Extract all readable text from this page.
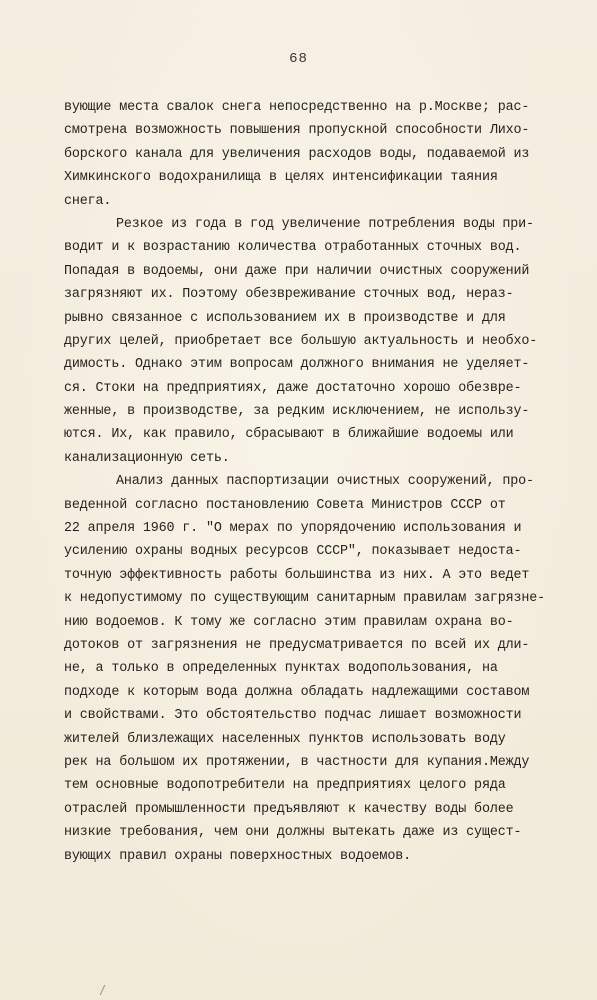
68
вующие места свалок снега непосредственно на р.Москве; рас-
смотрена возможность повышения пропускной способности Лихо-
борского канала для увеличения расходов воды, подаваемой из
Химкинского водохранилища в целях интенсификации таяния
снега.
Резкое из года в год увеличение потребления воды при-
водит и к возрастанию количества отработанных сточных вод.
Попадая в водоемы, они даже при наличии очистных сооружений
загрязняют их. Поэтому обезвреживание сточных вод, нераз-
рывно связанное с использованием их в производстве и для
других целей, приобретает все большую актуальность и необхо-
димость. Однако этим вопросам должного внимания не уделяет-
ся. Стоки на предприятиях, даже достаточно хорошо обезвре-
женные, в производстве, за редким исключением, не использу-
ются. Их, как правило, сбрасывают в ближайшие водоемы или
канализационную сеть.
Анализ данных паспортизации очистных сооружений, про-
веденной согласно постановлению Совета Министров СССР от
22 апреля 1960 г. "О мерах по упорядочению использования и
усилению охраны водных ресурсов СССР", показывает недоста-
точную эффективность работы большинства из них. А это ведет
к недопустимому по существующим санитарным правилам загрязне-
нию водоемов. К тому же согласно этим правилам охрана во-
дотоков от загрязнения не предусматривается по всей их дли-
не, а только в определенных пунктах водопользования, на
подходе к которым вода должна обладать надлежащими составом
и свойствами. Это обстоятельство подчас лишает возможности
жителей близлежащих населенных пунктов использовать воду
рек на большом их протяжении, в частности для купания.Между
тем основные водопотребители на предприятиях целого ряда
отраслей промышленности предъявляют к качеству воды более
низкие требования, чем они должны вытекать даже из сущест-
вующих правил охраны поверхностных водоемов.
